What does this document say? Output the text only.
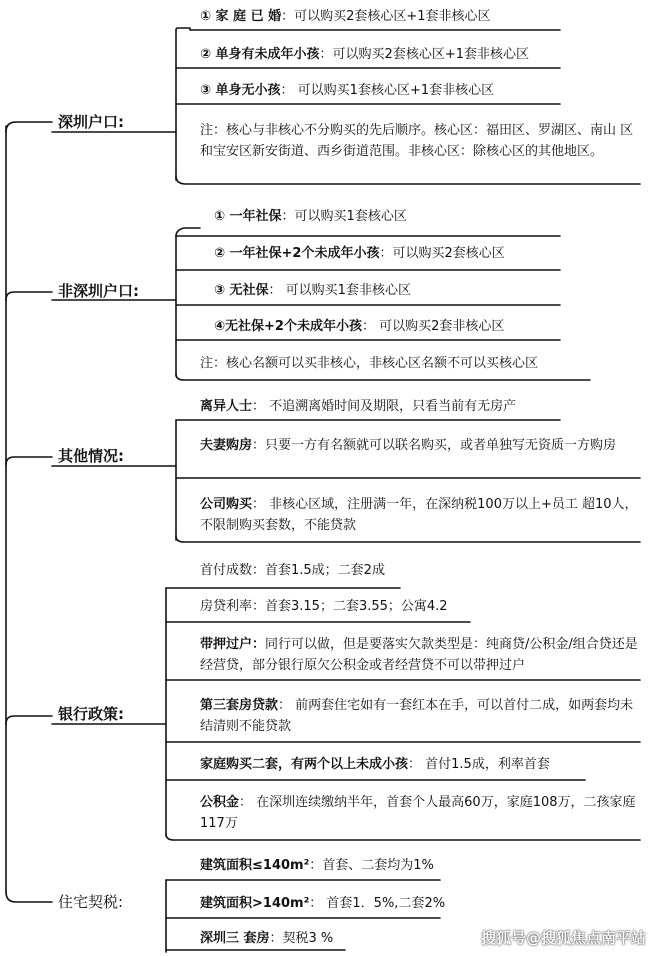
深圳户口:
非深圳户口:
其他情况:
银行政策:
住宅契税:
① 家 庭 已 婚：可以购买2套核心区+1套非核心区
② 单身有未成年小孩：可以购买2套核心区+1套非核心区
③ 单身无小孩： 可以购买1套核心区+1套非核心区
注：核心与非核心不分购买的先后顺序。核心区：福田区、罗湖区、南山 区和宝安区新安街道、西乡街道范围。非核心区：除核心区的其他地区。
① 一年社保：可以购买1套核心区
② 一年社保+2个未成年小孩：可以购买2套核心区
③ 无社保： 可以购买1套非核心区
④无社保+2个未成年小孩： 可以购买2套非核心区
注：核心名额可以买非核心，非核心区名额不可以买核心区
离异人士： 不追溯离婚时间及期限，只看当前有无房产
夫妻购房：只要一方有名额就可以联名购买，或者单独写无资质一方购房
公司购买： 非核心区域，注册满一年，在深纳税100万以上+员工 超10人，不限制购买套数，不能贷款
首付成数：首套1.5成；二套2成
房贷利率：首套3.15；二套3.55；公寓4.2
带押过户：同行可以做，但是要落实欠款类型是：纯商贷/公积金/组合贷还是经营贷，部分银行原欠公积金或者经营贷不可以带押过户
第三套房贷款： 前两套住宅如有一套红本在手，可以首付二成，如两套均未结清则不能贷款
家庭购买二套，有两个以上未成小孩： 首付1.5成，利率首套
公积金： 在深圳连续缴纳半年，首套个人最高60万，家庭108万，二孩家庭117万
建筑面积≤140m²：首套、二套均为1%
建筑面积>140m²： 首套1．5%,二套2%
深圳三 套房：契税3 %	搜狐号@搜狐焦点南平站
